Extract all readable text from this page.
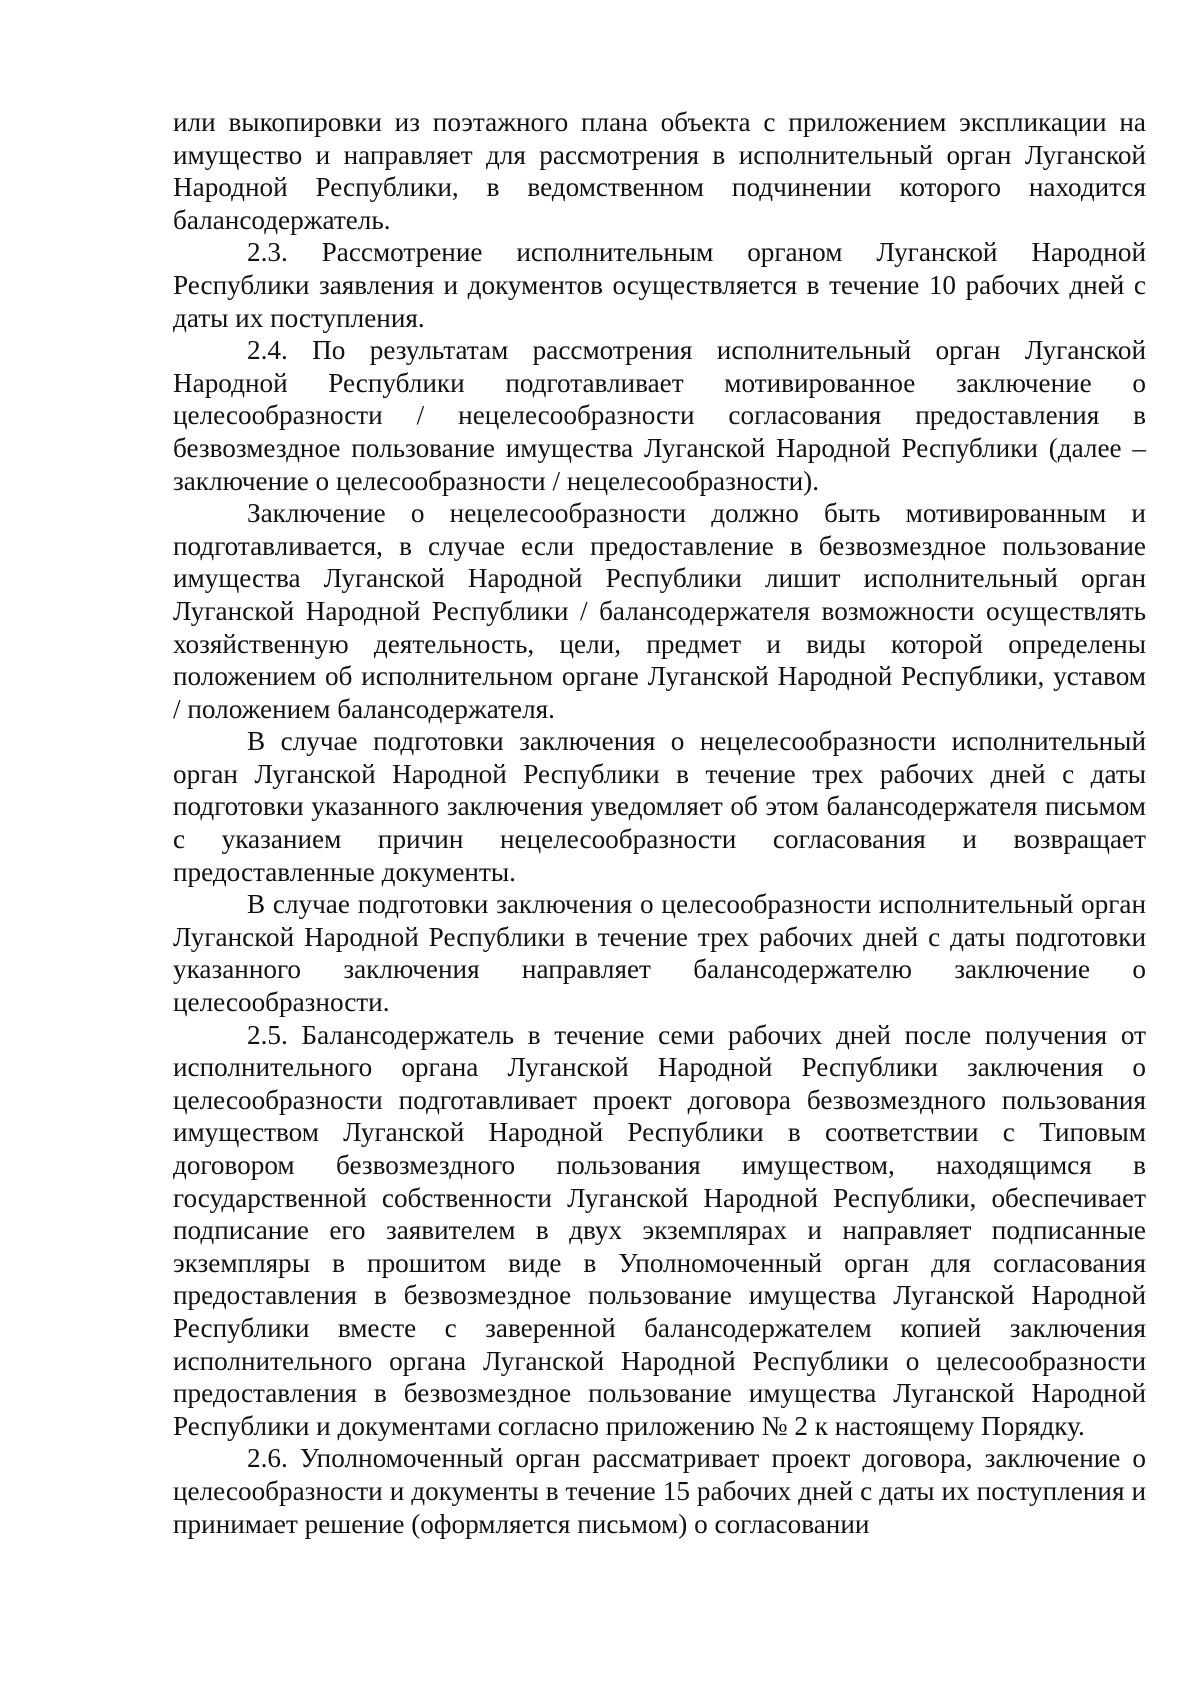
или выкопировки из поэтажного плана объекта с приложением экспликации на имущество и направляет для рассмотрения в исполнительный орган Луганской Народной Республики, в ведомственном подчинении которого находится балансодержатель.

2.3. Рассмотрение исполнительным органом Луганской Народной Республики заявления и документов осуществляется в течение 10 рабочих дней с даты их поступления.

2.4. По результатам рассмотрения исполнительный орган Луганской Народной Республики подготавливает мотивированное заключение о целесообразности / нецелесообразности согласования предоставления в безвозмездное пользование имущества Луганской Народной Республики (далее – заключение о целесообразности / нецелесообразности).

Заключение о нецелесообразности должно быть мотивированным и подготавливается, в случае если предоставление в безвозмездное пользование имущества Луганской Народной Республики лишит исполнительный орган Луганской Народной Республики / балансодержателя возможности осуществлять хозяйственную деятельность, цели, предмет и виды которой определены положением об исполнительном органе Луганской Народной Республики, уставом / положением балансодержателя.

В случае подготовки заключения о нецелесообразности исполнительный орган Луганской Народной Республики в течение трех рабочих дней с даты подготовки указанного заключения уведомляет об этом балансодержателя письмом с указанием причин нецелесообразности согласования и возвращает предоставленные документы.

В случае подготовки заключения о целесообразности исполнительный орган Луганской Народной Республики в течение трех рабочих дней с даты подготовки указанного заключения направляет балансодержателю заключение о целесообразности.

2.5. Балансодержатель в течение семи рабочих дней после получения от исполнительного органа Луганской Народной Республики заключения о целесообразности подготавливает проект договора безвозмездного пользования имуществом Луганской Народной Республики в соответствии с Типовым договором безвозмездного пользования имуществом, находящимся в государственной собственности Луганской Народной Республики, обеспечивает подписание его заявителем в двух экземплярах и направляет подписанные экземпляры в прошитом виде в Уполномоченный орган для согласования предоставления в безвозмездное пользование имущества Луганской Народной Республики вместе с заверенной балансодержателем копией заключения исполнительного органа Луганской Народной Республики о целесообразности предоставления в безвозмездное пользование имущества Луганской Народной Республики и документами согласно приложению № 2 к настоящему Порядку.

2.6. Уполномоченный орган рассматривает проект договора, заключение о целесообразности и документы в течение 15 рабочих дней с даты их поступления и принимает решение (оформляется письмом) о согласовании
